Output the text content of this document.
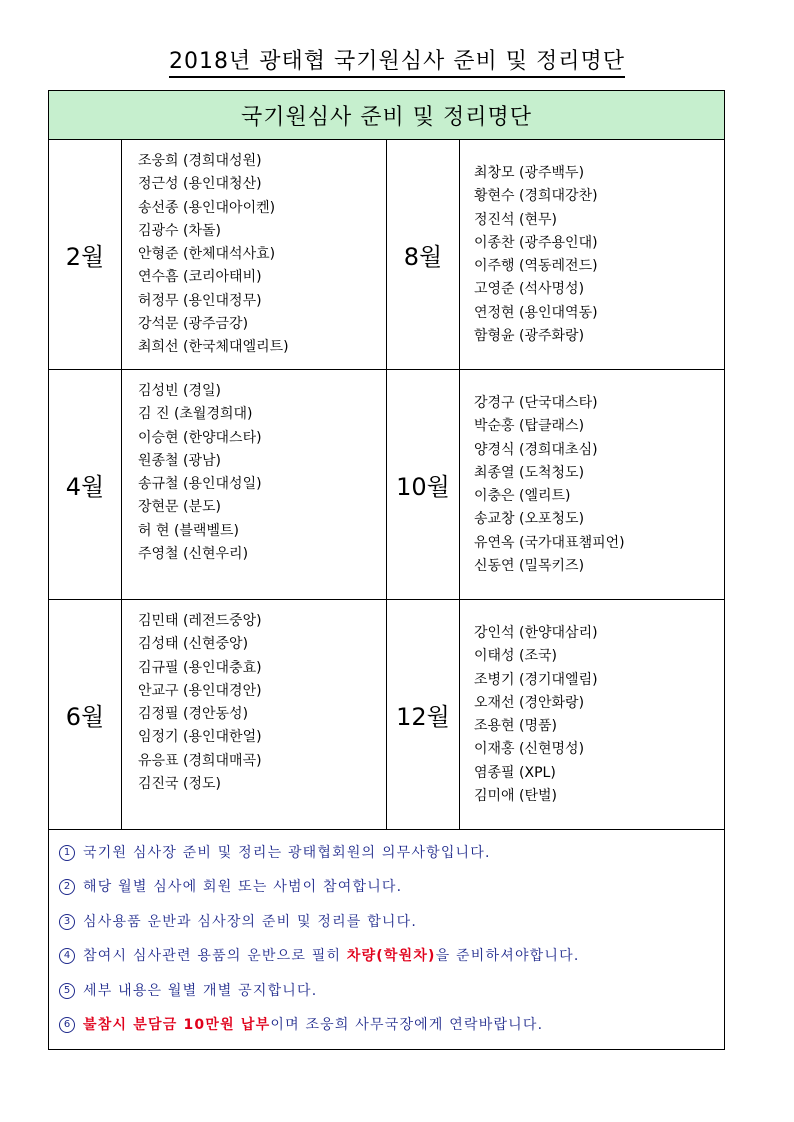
2018년 광태협 국기원심사 준비 및 정리명단
국기원심사 준비 및 정리명단
2월
조웅희 (경희대성원)
정근성 (용인대청산)
송선종 (용인대아이켄)
김광수 (차돌)
안형준 (한체대석사효)
연수흠 (코리아태비)
허정무 (용인대정무)
강석문 (광주금강)
최희선 (한국체대엘리트)
8월
최창모 (광주백두)
황현수 (경희대강찬)
정진석 (현무)
이종찬 (광주용인대)
이주행 (역동레전드)
고영준 (석사명성)
연정현 (용인대역동)
함형윤 (광주화랑)
4월
김성빈 (경일)
김 진 (초월경희대)
이승현 (한양대스타)
원종철 (광남)
송규철 (용인대성일)
장현문 (분도)
허 현 (블랙벨트)
주영철 (신현우리)
10월
강경구 (단국대스타)
박순홍 (탑클래스)
양경식 (경희대초심)
최종열 (도척청도)
이충은 (엘리트)
송교창 (오포청도)
유연옥 (국가대표챔피언)
신동연 (밀목키즈)
6월
김민태 (레전드중앙)
김성태 (신현중앙)
김규필 (용인대충효)
안교구 (용인대경안)
김정필 (경안동성)
임정기 (용인대한얼)
유응표 (경희대매곡)
김진국 (정도)
12월
강인석 (한양대삼리)
이태성 (조국)
조병기 (경기대엘림)
오재선 (경안화랑)
조용현 (명품)
이재홍 (신현명성)
염종필 (XPL)
김미애 (탄벌)
1 국기원 심사장 준비 및 정리는 광태협회원의 의무사항입니다.
2 해당 월별 심사에 회원 또는 사범이 참여합니다.
3 심사용품 운반과 심사장의 준비 및 정리를 합니다.
4 참여시 심사관련 용품의 운반으로 필히 차량(학원차)을 준비하셔야합니다.
5 세부 내용은 월별 개별 공지합니다.
6 불참시 분담금 10만원 납부이며 조웅희 사무국장에게 연락바랍니다.
